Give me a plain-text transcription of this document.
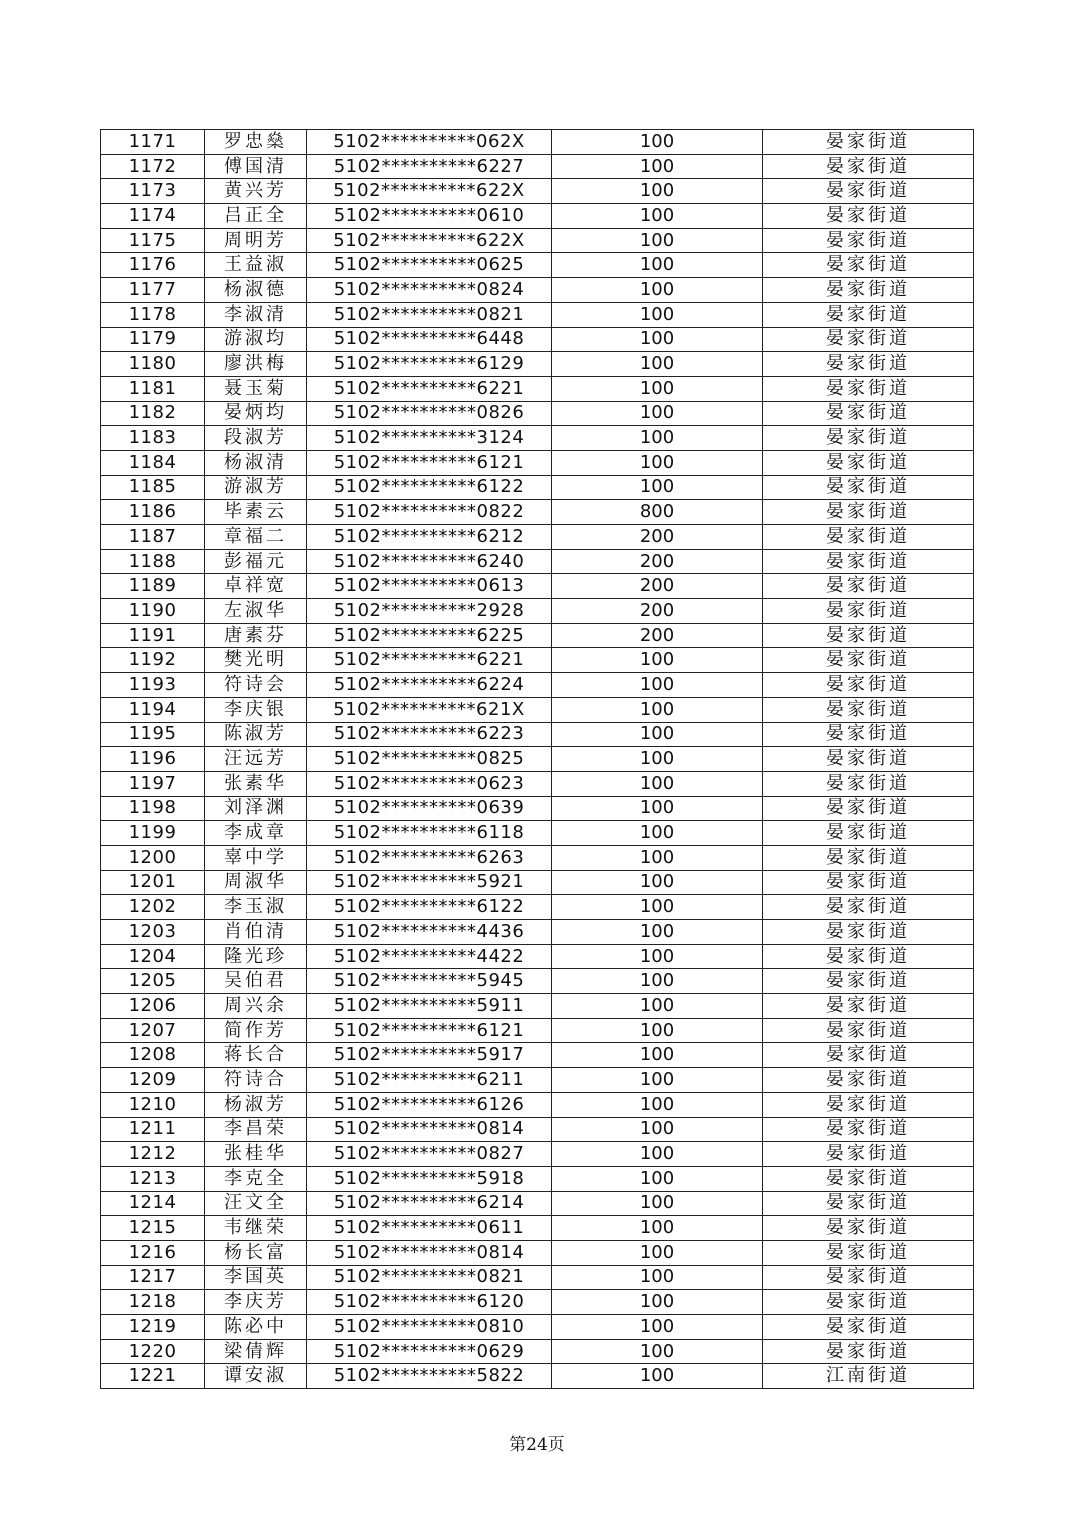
1171	罗忠燊	5102**********062X	100	晏家街道
1172	傅国清	5102**********6227	100	晏家街道
1173	黄兴芳	5102**********622X	100	晏家街道
1174	吕正全	5102**********0610	100	晏家街道
1175	周明芳	5102**********622X	100	晏家街道
1176	王益淑	5102**********0625	100	晏家街道
1177	杨淑德	5102**********0824	100	晏家街道
1178	李淑清	5102**********0821	100	晏家街道
1179	游淑均	5102**********6448	100	晏家街道
1180	廖洪梅	5102**********6129	100	晏家街道
1181	聂玉菊	5102**********6221	100	晏家街道
1182	晏炳均	5102**********0826	100	晏家街道
1183	段淑芳	5102**********3124	100	晏家街道
1184	杨淑清	5102**********6121	100	晏家街道
1185	游淑芳	5102**********6122	100	晏家街道
1186	毕素云	5102**********0822	800	晏家街道
1187	章福二	5102**********6212	200	晏家街道
1188	彭福元	5102**********6240	200	晏家街道
1189	卓祥宽	5102**********0613	200	晏家街道
1190	左淑华	5102**********2928	200	晏家街道
1191	唐素芬	5102**********6225	200	晏家街道
1192	樊光明	5102**********6221	100	晏家街道
1193	符诗会	5102**********6224	100	晏家街道
1194	李庆银	5102**********621X	100	晏家街道
1195	陈淑芳	5102**********6223	100	晏家街道
1196	汪远芳	5102**********0825	100	晏家街道
1197	张素华	5102**********0623	100	晏家街道
1198	刘泽渊	5102**********0639	100	晏家街道
1199	李成章	5102**********6118	100	晏家街道
1200	辜中学	5102**********6263	100	晏家街道
1201	周淑华	5102**********5921	100	晏家街道
1202	李玉淑	5102**********6122	100	晏家街道
1203	肖伯清	5102**********4436	100	晏家街道
1204	隆光珍	5102**********4422	100	晏家街道
1205	吴伯君	5102**********5945	100	晏家街道
1206	周兴余	5102**********5911	100	晏家街道
1207	简作芳	5102**********6121	100	晏家街道
1208	蒋长合	5102**********5917	100	晏家街道
1209	符诗合	5102**********6211	100	晏家街道
1210	杨淑芳	5102**********6126	100	晏家街道
1211	李昌荣	5102**********0814	100	晏家街道
1212	张桂华	5102**********0827	100	晏家街道
1213	李克全	5102**********5918	100	晏家街道
1214	汪文全	5102**********6214	100	晏家街道
1215	韦继荣	5102**********0611	100	晏家街道
1216	杨长富	5102**********0814	100	晏家街道
1217	李国英	5102**********0821	100	晏家街道
1218	李庆芳	5102**********6120	100	晏家街道
1219	陈必中	5102**********0810	100	晏家街道
1220	梁倩辉	5102**********0629	100	晏家街道
1221	谭安淑	5102**********5822	100	江南街道
第24页
